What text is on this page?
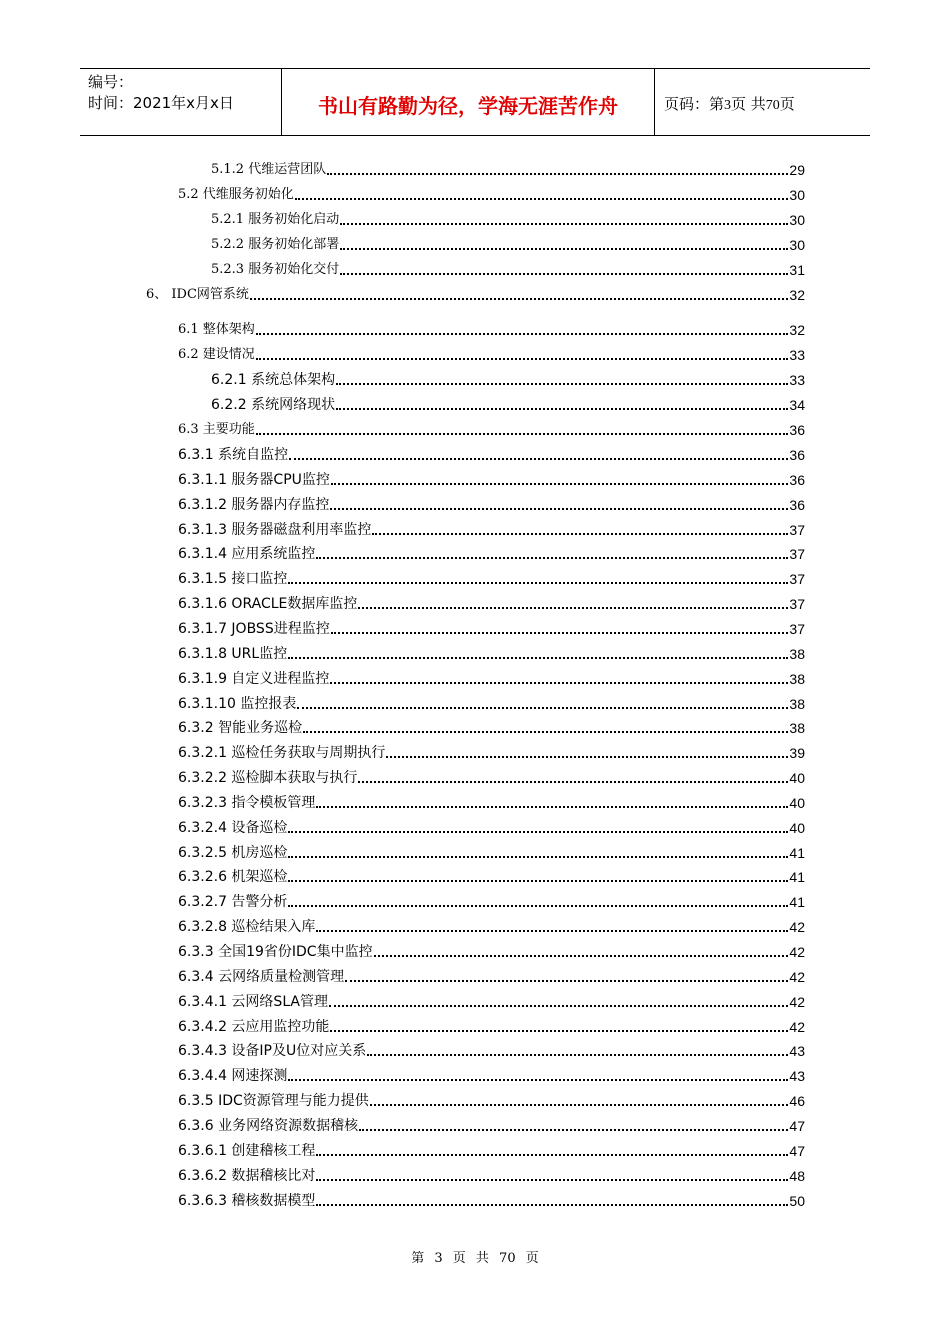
编号：
时间：2021年x月x日	书山有路勤为径，学海无涯苦作舟	页码：第3页 共70页
5.1.2 代维运营团队	29
5.2 代维服务初始化	30
5.2.1 服务初始化启动	30
5.2.2 服务初始化部署	30
5.2.3 服务初始化交付	31
6、 IDC网管系统	32
6.1 整体架构	32
6.2 建设情况	33
6.2.1 系统总体架构	33
6.2.2 系统网络现状	34
6.3 主要功能	36
6.3.1 系统自监控	36
6.3.1.1 服务器CPU监控	36
6.3.1.2 服务器内存监控	36
6.3.1.3 服务器磁盘利用率监控	37
6.3.1.4 应用系统监控	37
6.3.1.5 接口监控	37
6.3.1.6 ORACLE数据库监控	37
6.3.1.7 JOBSS进程监控	37
6.3.1.8 URL监控	38
6.3.1.9 自定义进程监控	38
6.3.1.10 监控报表	38
6.3.2 智能业务巡检	38
6.3.2.1 巡检任务获取与周期执行	39
6.3.2.2 巡检脚本获取与执行	40
6.3.2.3 指令模板管理	40
6.3.2.4 设备巡检	40
6.3.2.5 机房巡检	41
6.3.2.6 机架巡检	41
6.3.2.7 告警分析	41
6.3.2.8 巡检结果入库	42
6.3.3 全国19省份IDC集中监控	42
6.3.4 云网络质量检测管理	42
6.3.4.1 云网络SLA管理	42
6.3.4.2 云应用监控功能	42
6.3.4.3 设备IP及U位对应关系	43
6.3.4.4 网速探测	43
6.3.5 IDC资源管理与能力提供	46
6.3.6 业务网络资源数据稽核	47
6.3.6.1 创建稽核工程	47
6.3.6.2 数据稽核比对	48
6.3.6.3 稽核数据模型	50
第 3 页 共 70 页
